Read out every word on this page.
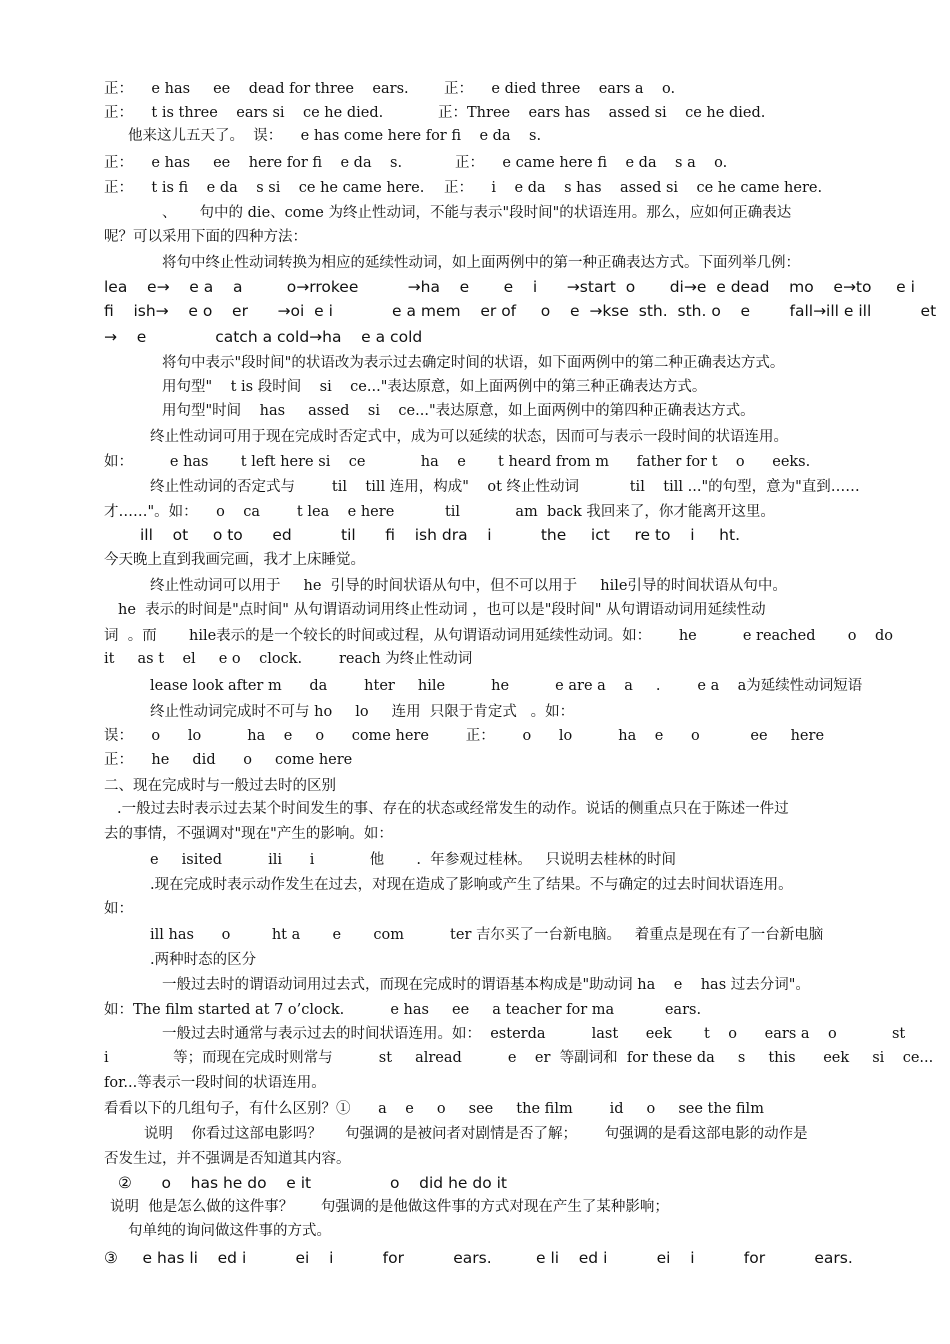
正：    e has     ee    dead for three    ears. 正：    e died three    ears a    o.
正：    t is three    ears si    ce he died.	正：Three    ears has    assed si    ce he died.
他来这儿五天了。  误：    e has come here for fi    e da    s.
正：    e has     ee    here for fi    e da    s.	正：    e came here fi    e da    s a    o.
正：    t is fi    e da    s si    ce he came here. 正：    i    e da    s has    assed si    ce he came here.
、     句中的 die、come 为终止性动词，不能与表示"段时间"的状语连用。那么，应如何正确表达
呢？可以采用下面的四种方法：
将句中终止性动词转换为相应的延续性动词，如上面两例中的第一种正确表达方式。下面列举几例：
lea    e→    e a    a         o→rrokee          →ha    e       e    i      →start  o       di→e  e dead    mo    e→to     e i
fi    ish→    e o    er      →oi  e i            e a mem    er of     o    e  →kse  sth.  sth. o    e        fall→ill e ill          et
→    e              catch a cold→ha    e a cold
将句中表示"段时间"的状语改为表示过去确定时间的状语，如下面两例中的第二种正确表达方式。
用句型"    t is 段时间    si    ce..."表达原意，如上面两例中的第三种正确表达方式。
用句型"时间    has     assed    si    ce..."表达原意，如上面两例中的第四种正确表达方式。
终止性动词可用于现在完成时否定式中，成为可以延续的状态，因而可与表示一段时间的状语连用。
如：        e has       t left here si    ce            ha    e       t heard from m      father for t    o      eeks.
终止性动词的否定式与        til    till 连用，构成"    ot 终止性动词           til    till ..."的句型，意为"直到……
才……"。如：    o    ca        t lea    e here           til            am  back 我回来了，你才能离开这里。
ill    ot     o to      ed          til      fi    ish dra    i          the     ict     re to    i     ht.
今天晚上直到我画完画，我才上床睡觉。
终止性动词可以用于     he  引导的时间状语从句中，但不可以用于     hile引导的时间状语从句中。
he  表示的时间是"点时间" 从句谓语动词用终止性动词 ，也可以是"段时间" 从句谓语动词用延续性动
词  。而       hile表示的是一个较长的时间或过程，从句谓语动词用延续性动词。如：      he          e reached       o    do
it     as t    el     e o    clock.        reach 为终止性动词
lease look after m      da        hter     hile          he          e are a    a     .        e a    a为延续性动词短语
终止性动词完成时不可与 ho     lo     连用  只限于肯定式   。如：
误：    o      lo          ha    e     o      come here        正：      o      lo          ha    e      o           ee     here
正：    he     did      o     come here
二、现在完成时与一般过去时的区别
.一般过去时表示过去某个时间发生的事、存在的状态或经常发生的动作。说话的侧重点只在于陈述一件过
去的事情，不强调对"现在"产生的影响。如：
e     isited          ili      i            他       .  年参观过桂林。   只说明去桂林的时间
.现在完成时表示动作发生在过去，对现在造成了影响或产生了结果。不与确定的过去时间状语连用。
如：
ill has      o         ht a       e       com          ter 吉尔买了一台新电脑。   着重点是现在有了一台新电脑
.两种时态的区分
一般过去时的谓语动词用过去式，而现在完成时的谓语基本构成是"助动词 ha    e    has 过去分词"。
如：The film started at 7 o’clock.          e has     ee     a teacher for ma           ears.
一般过去时通常与表示过去的时间状语连用。如：  esterda          last      eek       t    o      ears a    o            st
i              等；而现在完成时则常与          st     alread          e    er  等副词和  for these da     s     this      eek     si    ce...
for...等表示一段时间的状语连用。
看看以下的几组句子，有什么区别？①      a    e     o     see     the film        id     o     see the film
说明    你看过这部电影吗？     句强调的是被问者对剧情是否了解；      句强调的是看这部电影的动作是
否发生过，并不强调是否知道其内容。
②      o    has he do    e it                o    did he do it
说明  他是怎么做的这件事？      句强调的是他做这件事的方式对现在产生了某种影响；
句单纯的询问做这件事的方式。
③     e has li    ed i          ei    i          for          ears.         e li    ed i          ei    i          for          ears.
